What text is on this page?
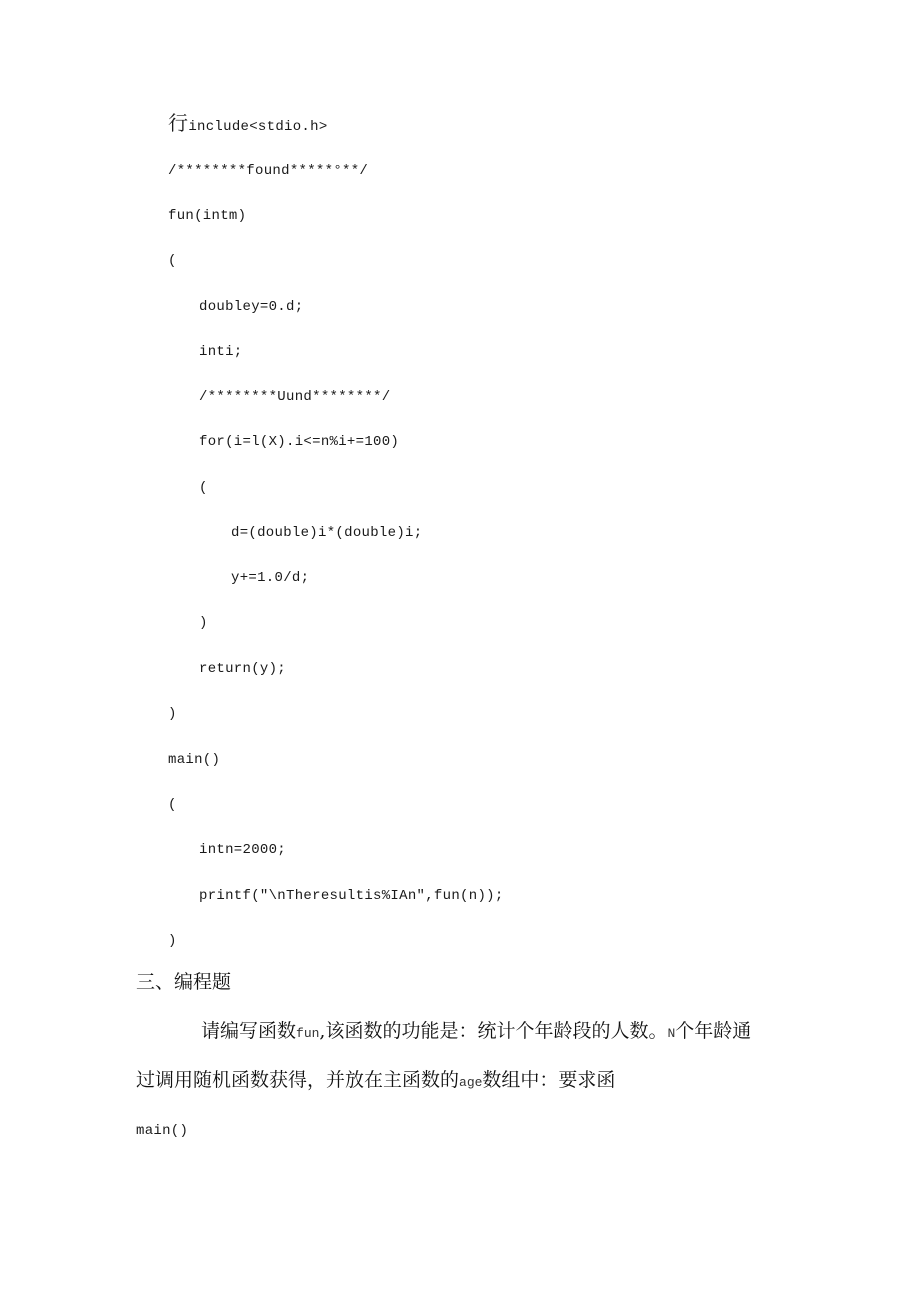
行include<stdio.h>
/********found*****°**/
fun(intm)
(
doubley=0.d;
inti;
/********Uund********/
for(i=l(X).i<=n%i+=100)
(
d=(double)i*(double)i;
y+=1.0/d;
)
return(y);
)
main()
(
intn=2000;
printf("\nTheresultis%IAn",fun(n));
)
三、编程题
请编写函数fun,该函数的功能是：统计个年龄段的人数。N个年龄通
过调用随机函数获得，并放在主函数的age数组中：要求函
main()
